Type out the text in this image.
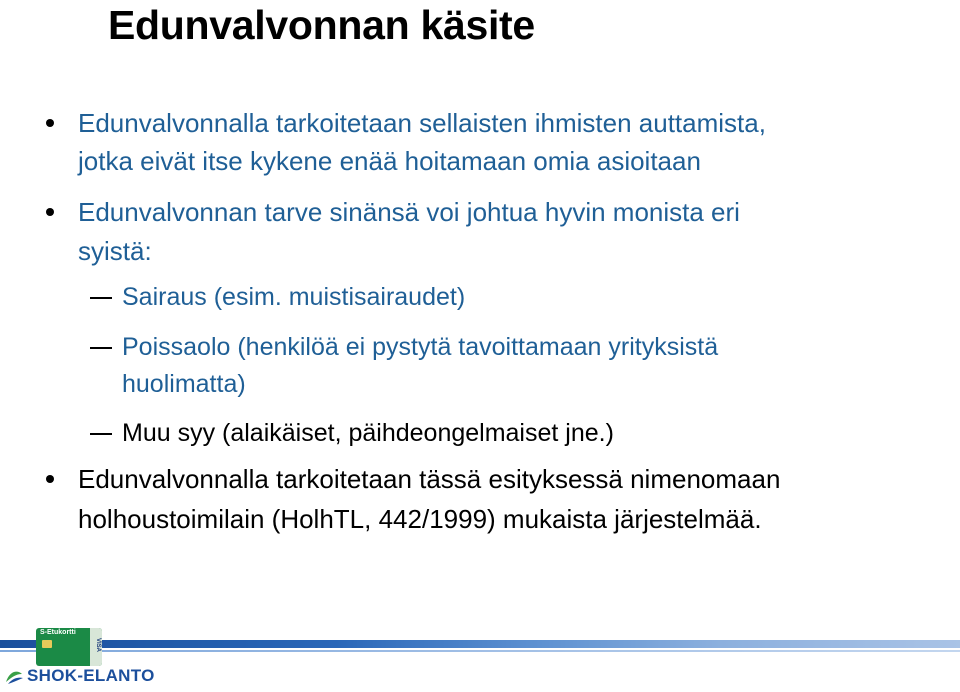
Edunvalvonnan käsite
Edunvalvonnalla tarkoitetaan sellaisten ihmisten auttamista,
jotka eivät itse kykene enää hoitamaan omia asioitaan
Edunvalvonnan tarve sinänsä voi johtua hyvin monista eri
syistä:
Sairaus (esim. muistisairaudet)
Poissaolo (henkilöä ei pystytä tavoittamaan yrityksistä
huolimatta)
Muu syy (alaikäiset, päihdeongelmaiset jne.)
Edunvalvonnalla tarkoitetaan tässä esityksessä nimenomaan
holhoustoimilain (HolhTL, 442/1999) mukaista järjestelmää.
S-Etukortti
VISA
SHOK-ELANTO
